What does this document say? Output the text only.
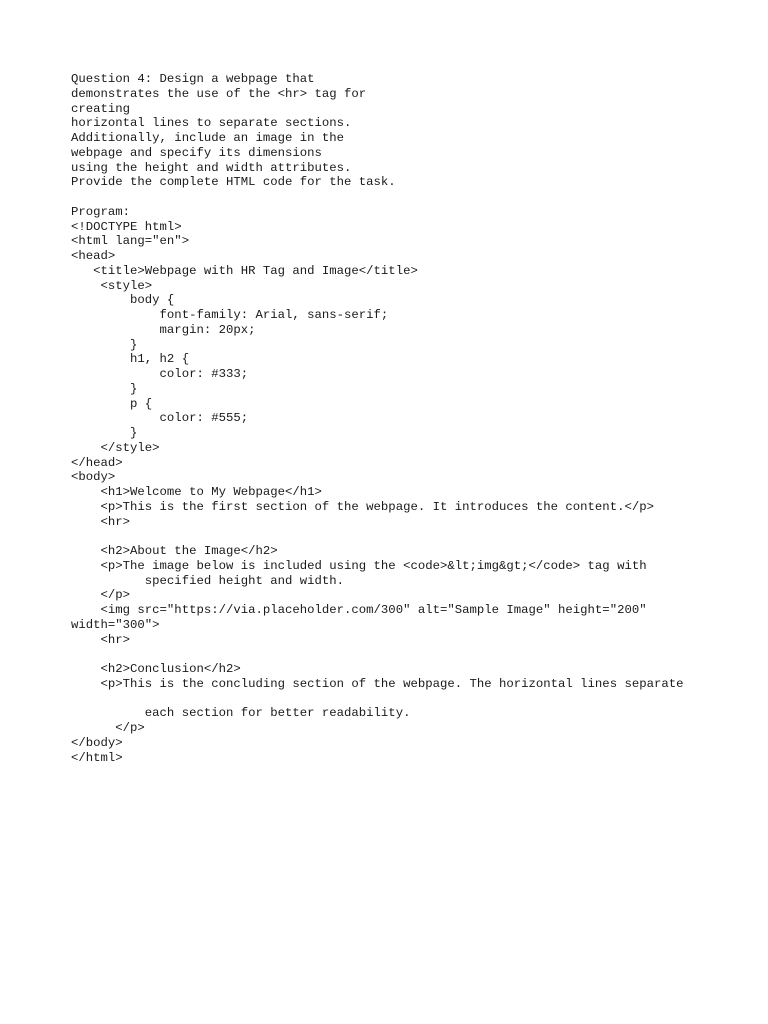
Question 4: Design a webpage that
demonstrates the use of the <hr> tag for
creating
horizontal lines to separate sections.
Additionally, include an image in the
webpage and specify its dimensions
using the height and width attributes.
Provide the complete HTML code for the task.
Program:
<!DOCTYPE html>
<html lang="en">
<head>
<title>Webpage with HR Tag and Image</title>
<style>
body {
font-family: Arial, sans-serif;
margin: 20px;
}
h1, h2 {
color: #333;
}
p {
color: #555;
}
</style>
</head>
<body>
<h1>Welcome to My Webpage</h1>
<p>This is the first section of the webpage. It introduces the content.</p>
<hr>
<h2>About the Image</h2>
<p>The image below is included using the <code>&lt;img&gt;</code> tag with
specified height and width.
</p>
<img src="https://via.placeholder.com/300" alt="Sample Image" height="200"
width="300">
<hr>
<h2>Conclusion</h2>
<p>This is the concluding section of the webpage. The horizontal lines separate
each section for better readability.
</p>
</body>
</html>
